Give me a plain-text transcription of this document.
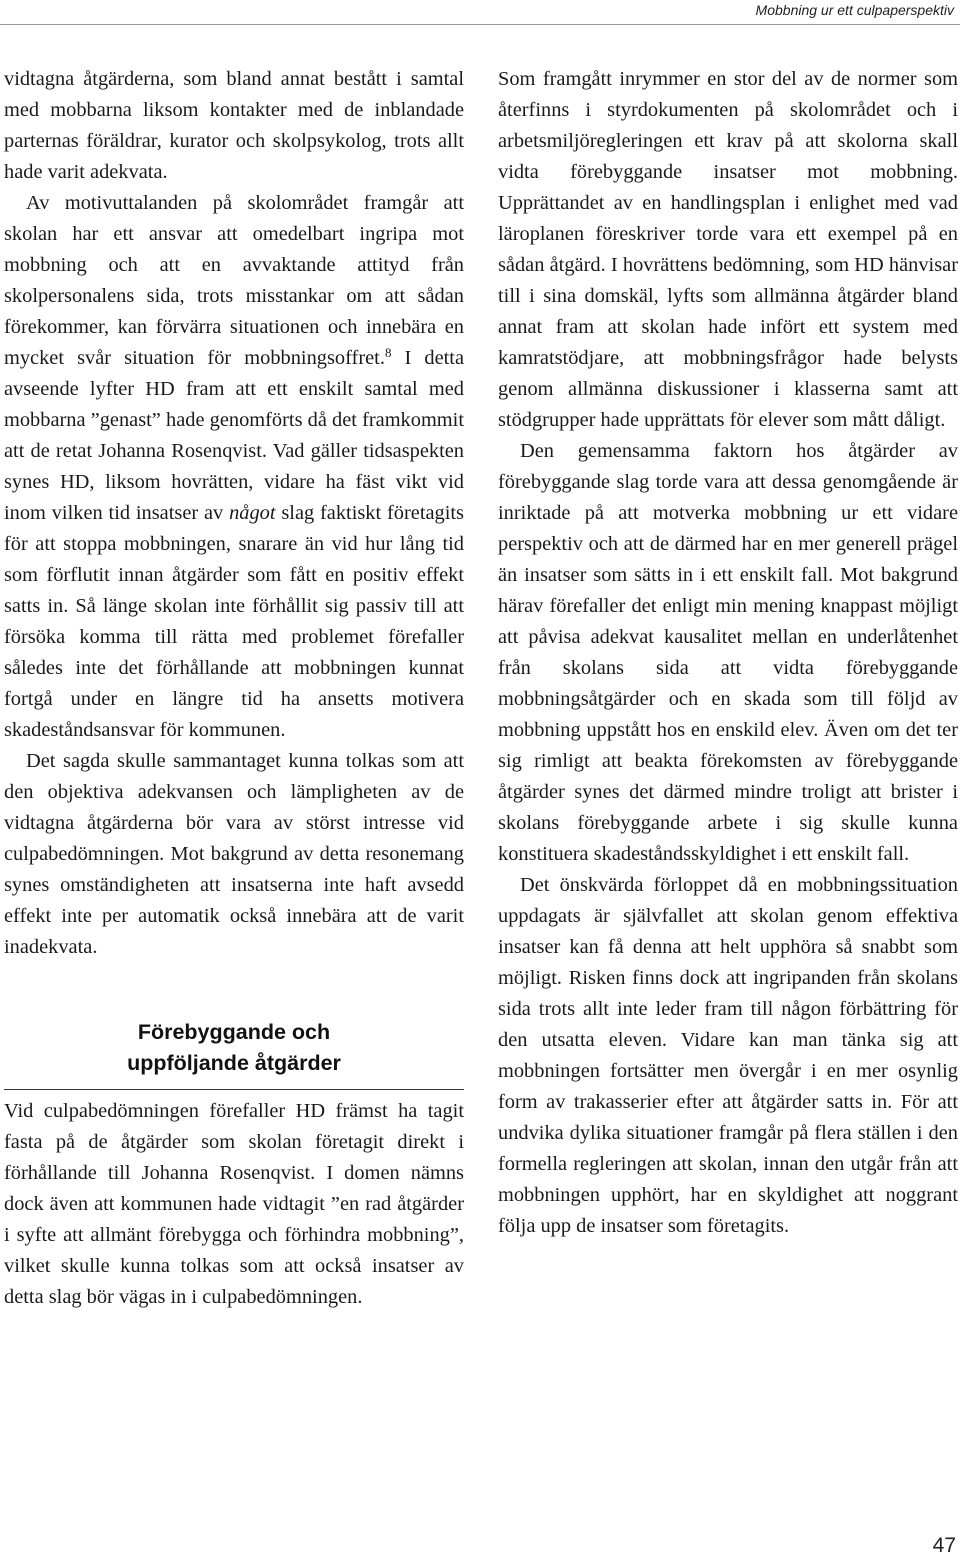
Mobbning ur ett culpaperspektiv

vidtagna åtgärderna, som bland annat bestått i samtal med mobbarna liksom kontakter med de inblandade parternas föräldrar, kurator och skolpsykolog, trots allt hade varit adekvata.

Av motivuttalanden på skolområdet framgår att skolan har ett ansvar att omedelbart ingripa mot mobbning och att en avvaktande attityd från skolpersonalens sida, trots misstankar om att sådan förekommer, kan förvärra situationen och innebära en mycket svår situation för mobbningsoffret.$^8$ I detta avseende lyfter HD fram att ett enskilt samtal med mobbarna ”genast” hade genomförts då det framkommit att de retat Johanna Rosenqvist. Vad gäller tidsaspekten synes HD, liksom hovrätten, vidare ha fäst vikt vid inom vilken tid insatser av något slag faktiskt företagits för att stoppa mobbningen, snarare än vid hur lång tid som förflutit innan åtgärder som fått en positiv effekt satts in. Så länge skolan inte förhållit sig passiv till att försöka komma till rätta med problemet förefaller således inte det förhållande att mobbningen kunnat fortgå under en längre tid ha ansetts motivera skadeståndsansvar för kommunen.

Det sagda skulle sammantaget kunna tolkas som att den objektiva adekvansen och lämpligheten av de vidtagna åtgärderna bör vara av störst intresse vid culpabedömningen. Mot bakgrund av detta resonemang synes omständigheten att insatserna inte haft avsedd effekt inte per automatik också innebära att de varit inadekvata.

Förebyggande och
uppföljande åtgärder

Vid culpabedömningen förefaller HD främst ha tagit fasta på de åtgärder som skolan företagit direkt i förhållande till Johanna Rosenqvist. I domen nämns dock även att kommunen hade vidtagit ”en rad åtgärder i syfte att allmänt förebygga och förhindra mobbning”, vilket skulle kunna tolkas som att också insatser av detta slag bör vägas in i culpabedömningen.

Som framgått inrymmer en stor del av de normer som återfinns i styrdokumenten på skolområdet och i arbetsmiljöregleringen ett krav på att skolorna skall vidta förebyggande insatser mot mobbning. Upprättandet av en handlingsplan i enlighet med vad läroplanen föreskriver torde vara ett exempel på en sådan åtgärd. I hovrättens bedömning, som HD hänvisar till i sina domskäl, lyfts som allmänna åtgärder bland annat fram att skolan hade infört ett system med kamratstödjare, att mobbningsfrågor hade belysts genom allmänna diskussioner i klasserna samt att stödgrupper hade upprättats för elever som mått dåligt.

Den gemensamma faktorn hos åtgärder av förebyggande slag torde vara att dessa genomgående är inriktade på att motverka mobbning ur ett vidare perspektiv och att de därmed har en mer generell prägel än insatser som sätts in i ett enskilt fall. Mot bakgrund härav förefaller det enligt min mening knappast möjligt att påvisa adekvat kausalitet mellan en underlåtenhet från skolans sida att vidta förebyggande mobbningsåtgärder och en skada som till följd av mobbning uppstått hos en enskild elev. Även om det ter sig rimligt att beakta förekomsten av förebyggande åtgärder synes det därmed mindre troligt att brister i skolans förebyggande arbete i sig skulle kunna konstituera skadeståndsskyldighet i ett enskilt fall.

Det önskvärda förloppet då en mobbningssituation uppdagats är självfallet att skolan genom effektiva insatser kan få denna att helt upphöra så snabbt som möjligt. Risken finns dock att ingripanden från skolans sida trots allt inte leder fram till någon förbättring för den utsatta eleven. Vidare kan man tänka sig att mobbningen fortsätter men övergår i en mer osynlig form av trakasserier efter att åtgärder satts in. För att undvika dylika situationer framgår på flera ställen i den formella regleringen att skolan, innan den utgår från att mobbningen upphört, har en skyldighet att noggrant följa upp de insatser som företagits.

47
